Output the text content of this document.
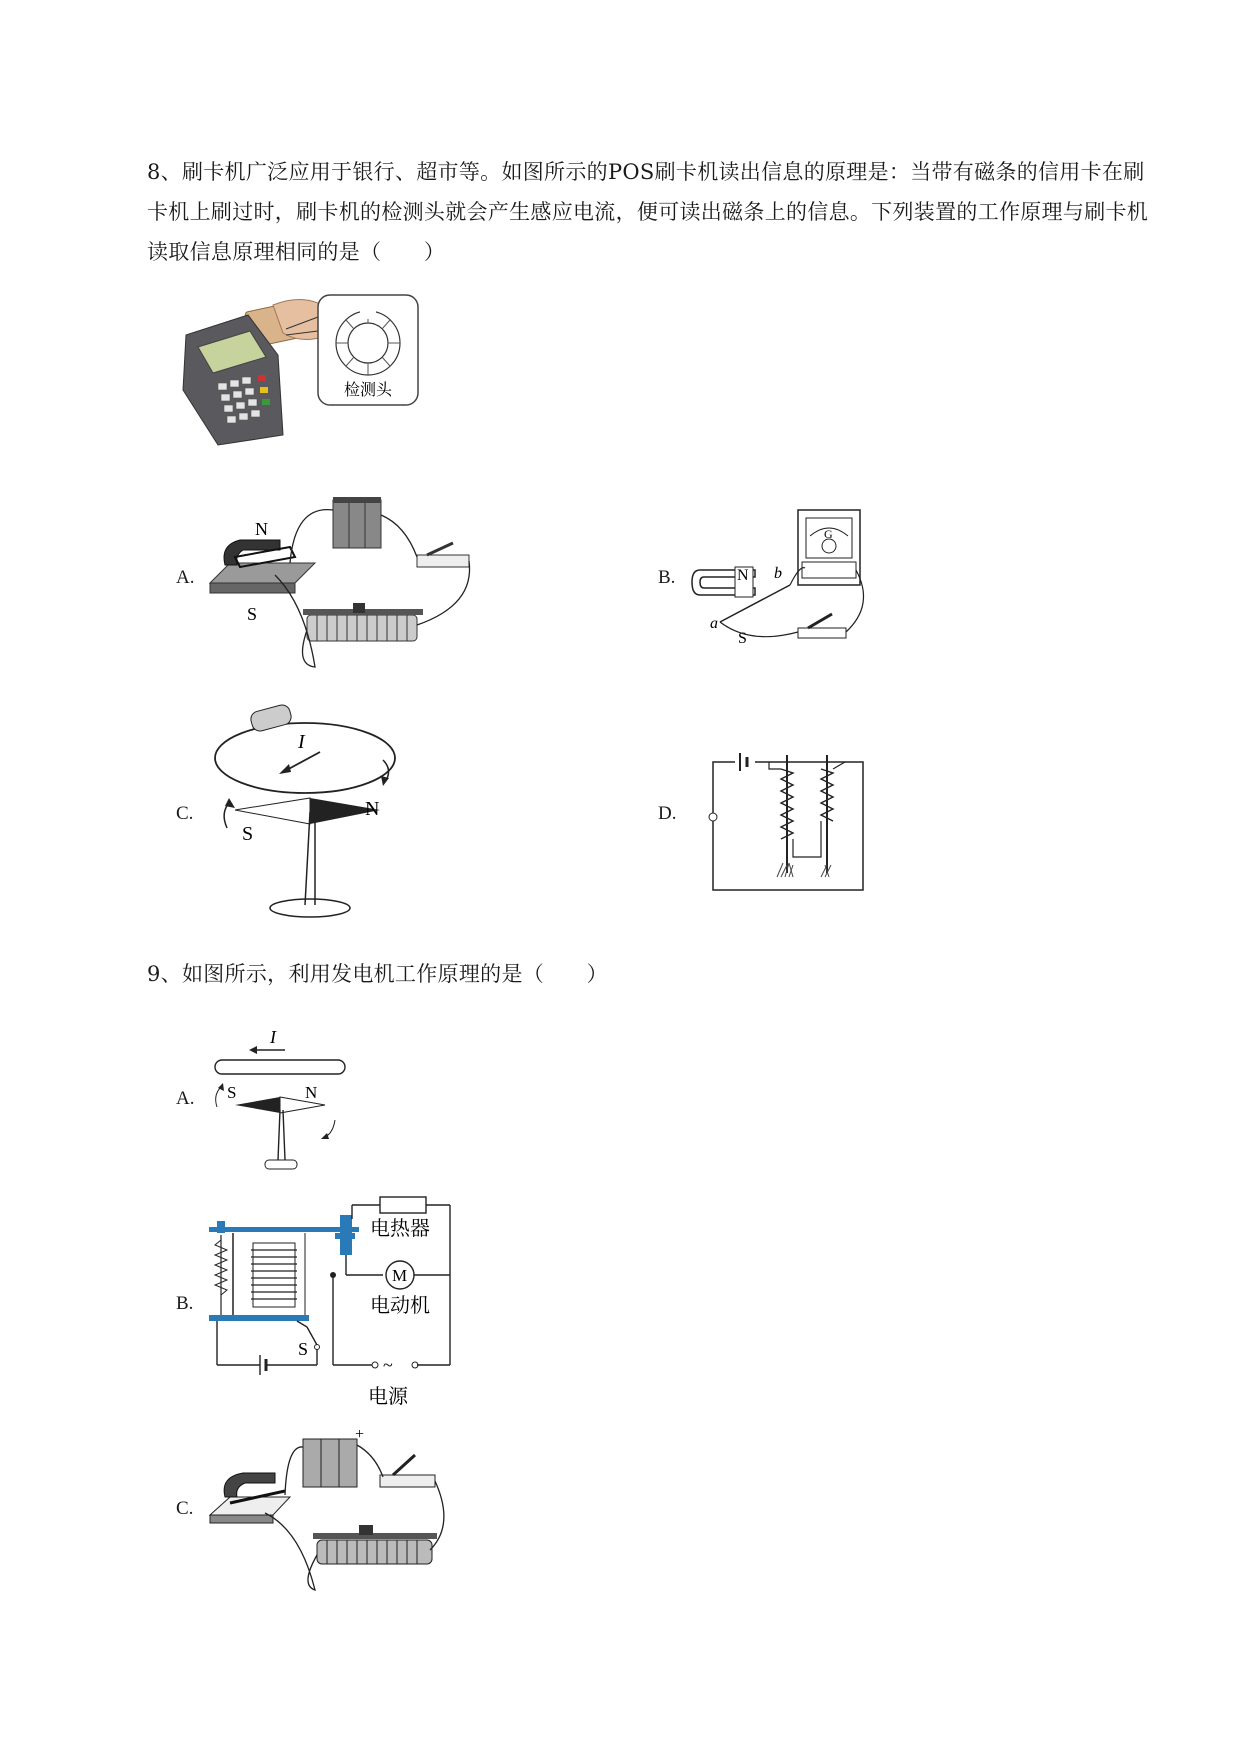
8、刷卡机广泛应用于银行、超市等。如图所示的POS刷卡机读出信息的原理是：当带有磁条的信用卡在刷卡机上刷过时，刷卡机的检测头就会产生感应电流，便可读出磁条上的信息。下列装置的工作原理与刷卡机读取信息原理相同的是（　　）
检测头
A.
N
S
B.	N
S
a
b
G
C.
I
S
N	D.
9、如图所示，利用发电机工作原理的是（　　）
A.
I
S	N
B.
电热器
M
电动机
~
电源
S
C.
+
